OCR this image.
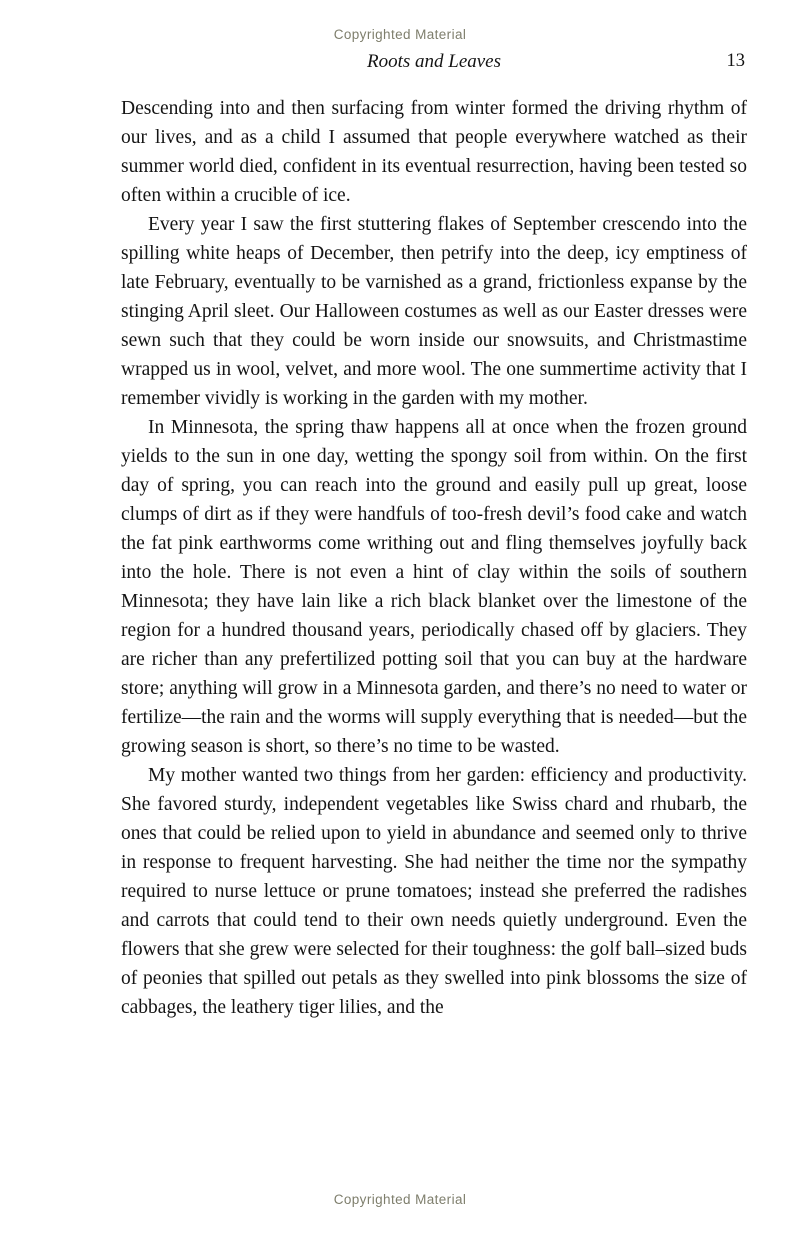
Copyrighted Material
Roots and Leaves	13

Descending into and then surfacing from winter formed the driving rhythm of our lives, and as a child I assumed that people everywhere watched as their summer world died, confident in its eventual resurrection, having been tested so often within a crucible of ice.

Every year I saw the first stuttering flakes of September crescendo into the spilling white heaps of December, then petrify into the deep, icy emptiness of late February, eventually to be varnished as a grand, frictionless expanse by the stinging April sleet. Our Halloween costumes as well as our Easter dresses were sewn such that they could be worn inside our snowsuits, and Christmastime wrapped us in wool, velvet, and more wool. The one summertime activity that I remember vividly is working in the garden with my mother.

In Minnesota, the spring thaw happens all at once when the frozen ground yields to the sun in one day, wetting the spongy soil from within. On the first day of spring, you can reach into the ground and easily pull up great, loose clumps of dirt as if they were handfuls of too-fresh devil’s food cake and watch the fat pink earthworms come writhing out and fling themselves joyfully back into the hole. There is not even a hint of clay within the soils of southern Minnesota; they have lain like a rich black blanket over the limestone of the region for a hundred thousand years, periodically chased off by glaciers. They are richer than any prefertilized potting soil that you can buy at the hardware store; anything will grow in a Minnesota garden, and there’s no need to water or fertilize—the rain and the worms will supply everything that is needed—but the growing season is short, so there’s no time to be wasted.

My mother wanted two things from her garden: efficiency and productivity. She favored sturdy, independent vegetables like Swiss chard and rhubarb, the ones that could be relied upon to yield in abundance and seemed only to thrive in response to frequent harvesting. She had neither the time nor the sympathy required to nurse lettuce or prune tomatoes; instead she preferred the radishes and carrots that could tend to their own needs quietly underground. Even the flowers that she grew were selected for their toughness: the golf ball–sized buds of peonies that spilled out petals as they swelled into pink blossoms the size of cabbages, the leathery tiger lilies, and the

Copyrighted Material
